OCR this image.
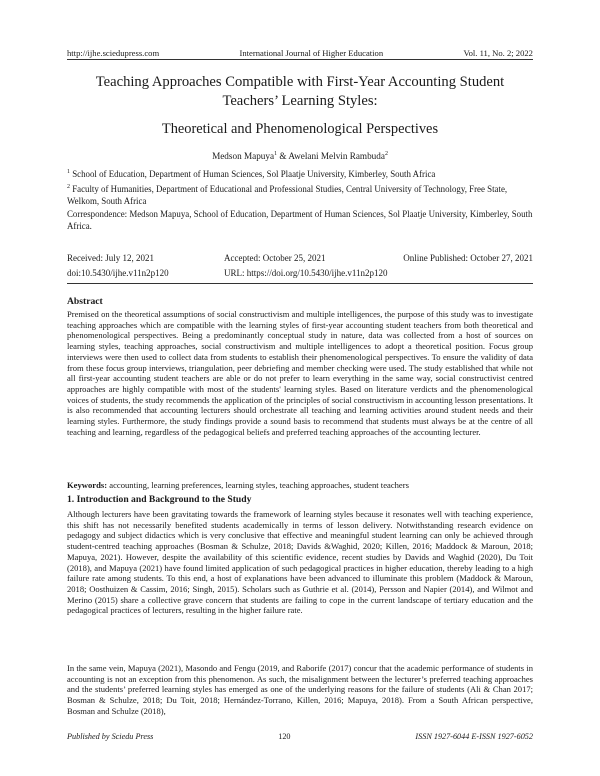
http://ijhe.sciedupress.com	International Journal of Higher Education	Vol. 11, No. 2; 2022
Teaching Approaches Compatible with First-Year Accounting Student Teachers’ Learning Styles:
Theoretical and Phenomenological Perspectives
Medson Mapuya$^1$ & Awelani Melvin Rambuda$^2$
$^1$ School of Education, Department of Human Sciences, Sol Plaatje University, Kimberley, South Africa
$^2$ Faculty of Humanities, Department of Educational and Professional Studies, Central University of Technology, Free State, Welkom, South Africa
Correspondence: Medson Mapuya, School of Education, Department of Human Sciences, Sol Plaatje University, Kimberley, South Africa.
Received: July 12, 2021	Accepted: October 25, 2021	Online Published: October 27, 2021
doi:10.5430/ijhe.v11n2p120	URL: https://doi.org/10.5430/ijhe.v11n2p120
Abstract
Premised on the theoretical assumptions of social constructivism and multiple intelligences, the purpose of this study was to investigate teaching approaches which are compatible with the learning styles of first-year accounting student teachers from both theoretical and phenomenological perspectives. Being a predominantly conceptual study in nature, data was collected from a host of sources on learning styles, teaching approaches, social constructivism and multiple intelligences to adopt a theoretical position. Focus group interviews were then used to collect data from students to establish their phenomenological perspectives. To ensure the validity of data from these focus group interviews, triangulation, peer debriefing and member checking were used. The study established that while not all first-year accounting student teachers are able or do not prefer to learn everything in the same way, social constructivist centred approaches are highly compatible with most of the students' learning styles. Based on literature verdicts and the phenomenological voices of students, the study recommends the application of the principles of social constructivism in accounting lesson presentations. It is also recommended that accounting lecturers should orchestrate all teaching and learning activities around student needs and their learning styles. Furthermore, the study findings provide a sound basis to recommend that students must always be at the centre of all teaching and learning, regardless of the pedagogical beliefs and preferred teaching approaches of the accounting lecturer.
Keywords: accounting, learning preferences, learning styles, teaching approaches, student teachers
1. Introduction and Background to the Study
Although lecturers have been gravitating towards the framework of learning styles because it resonates well with teaching experience, this shift has not necessarily benefited students academically in terms of lesson delivery. Notwithstanding research evidence on pedagogy and subject didactics which is very conclusive that effective and meaningful student learning can only be achieved through student-centred teaching approaches (Bosman & Schulze, 2018; Davids &Waghid, 2020; Killen, 2016; Maddock & Maroun, 2018; Mapuya, 2021). However, despite the availability of this scientific evidence, recent studies by Davids and Waghid (2020), Du Toit (2018), and Mapuya (2021) have found limited application of such pedagogical practices in higher education, thereby leading to a high failure rate among students. To this end, a host of explanations have been advanced to illuminate this problem (Maddock & Maroun, 2018; Oosthuizen & Cassim, 2016; Singh, 2015). Scholars such as Guthrie et al. (2014), Persson and Napier (2014), and Wilmot and Merino (2015) share a collective grave concern that students are failing to cope in the current landscape of tertiary education and the pedagogical practices of lecturers, resulting in the higher failure rate.
In the same vein, Mapuya (2021), Masondo and Fengu (2019, and Raborife (2017) concur that the academic performance of students in accounting is not an exception from this phenomenon. As such, the misalignment between the lecturer’s preferred teaching approaches and the students’ preferred learning styles has emerged as one of the underlying reasons for the failure of students (Ali & Chan 2017; Bosman & Schulze, 2018; Du Toit, 2018; Hernández-Torrano, Killen, 2016; Mapuya, 2018). From a South African perspective, Bosman and Schulze (2018),
Published by Sciedu Press	120	ISSN 1927-6044 E-ISSN 1927-6052
